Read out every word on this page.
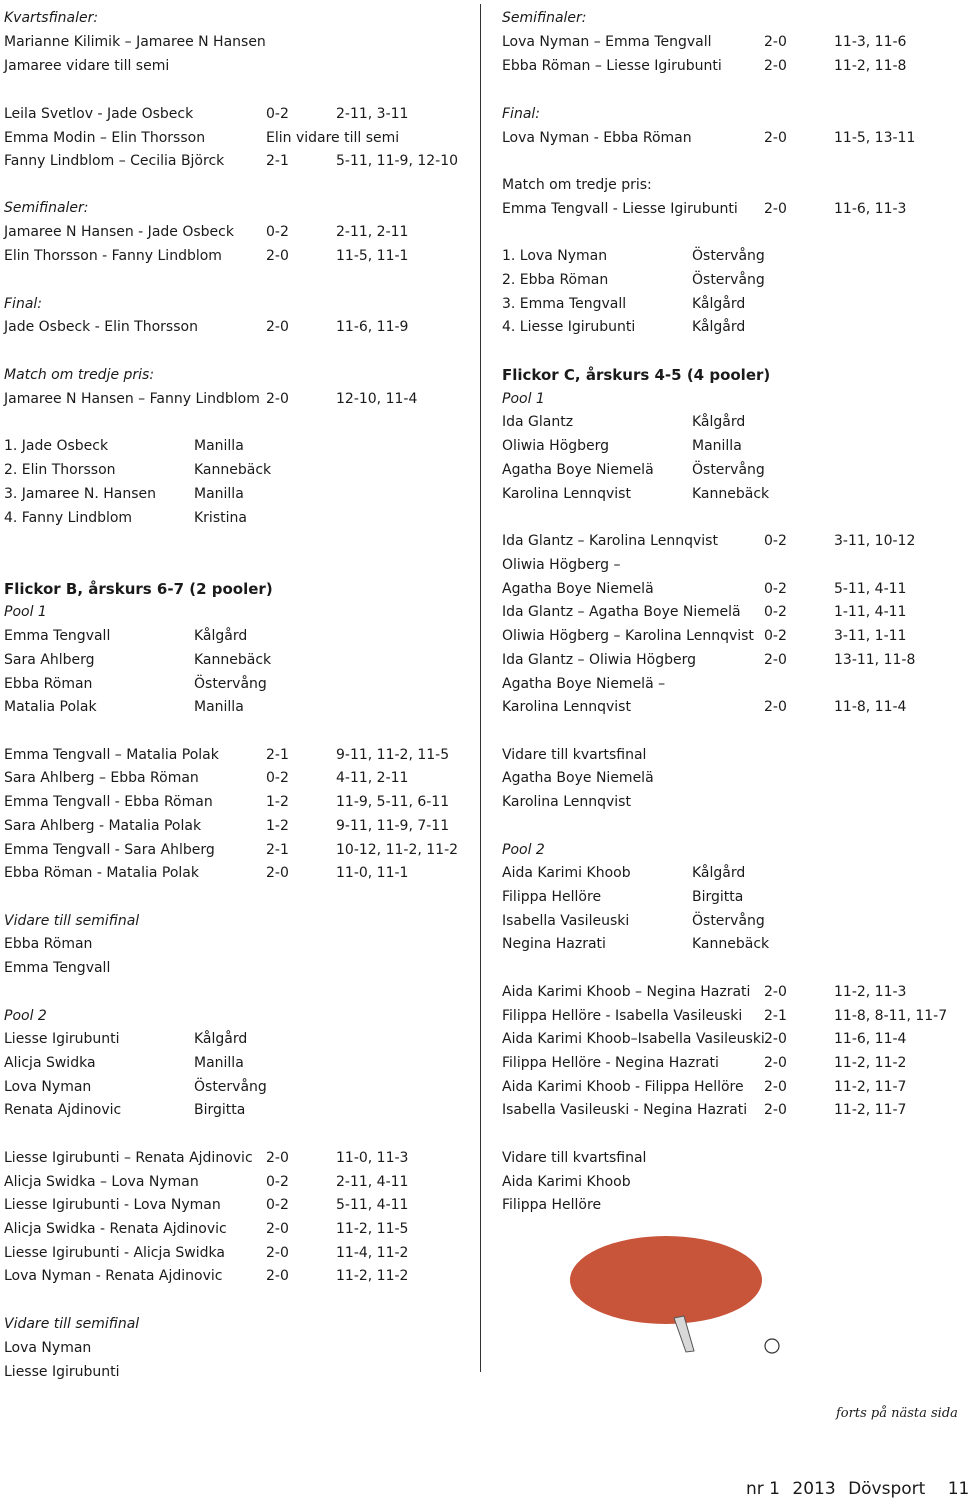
Kvartsfinaler:
Marianne Kilimik – Jamaree N Hansen
Jamaree vidare till semi
Leila Svetlov - Jade Osbeck	0-2	2-11, 3-11
Emma Modin – Elin Thorsson	Elin vidare till semi
Fanny Lindblom – Cecilia Björck	2-1	5-11, 11-9, 12-10
Semifinaler:
Jamaree N Hansen - Jade Osbeck 0-2	2-11, 2-11
Elin Thorsson - Fanny Lindblom	2-0	11-5, 11-1
Final:
Jade Osbeck - Elin Thorsson	2-0	11-6, 11-9
Match om tredje pris:
Jamaree N Hansen – Fanny Lindblom 2-0	12-10, 11-4
1. Jade Osbeck	Manilla
2. Elin Thorsson	Kannebäck
3. Jamaree N. Hansen	Manilla
4. Fanny Lindblom	Kristina
Flickor B, årskurs 6-7 (2 pooler)
Pool 1
Emma Tengvall	Kålgård
Sara Ahlberg	Kannebäck
Ebba Röman	Östervång
Matalia Polak	Manilla
Emma Tengvall – Matalia Polak	2-1	9-11, 11-2, 11-5
Sara Ahlberg – Ebba Röman	0-2	4-11, 2-11
Emma Tengvall - Ebba Röman	1-2	11-9, 5-11, 6-11
Sara Ahlberg - Matalia Polak	1-2	9-11, 11-9, 7-11
Emma Tengvall - Sara Ahlberg	2-1	10-12, 11-2, 11-2
Ebba Röman - Matalia Polak	2-0	11-0, 11-1
Vidare till semifinal
Ebba Röman
Emma Tengvall
Pool 2
Liesse Igirubunti	Kålgård
Alicja Swidka	Manilla
Lova Nyman	Östervång
Renata Ajdinovic	Birgitta
Liesse Igirubunti – Renata Ajdinovic 2-0	11-0, 11-3
Alicja Swidka – Lova Nyman	0-2	2-11, 4-11
Liesse Igirubunti - Lova Nyman	0-2	5-11, 4-11
Alicja Swidka - Renata Ajdinovic	2-0	11-2, 11-5
Liesse Igirubunti - Alicja Swidka	2-0	11-4, 11-2
Lova Nyman - Renata Ajdinovic	2-0	11-2, 11-2
Vidare till semifinal
Lova Nyman
Liesse Igirubunti
Semifinaler:
Lova Nyman – Emma Tengvall	2-0	11-3, 11-6
Ebba Röman – Liesse Igirubunti	2-0	11-2, 11-8
Final:
Lova Nyman - Ebba Röman	2-0	11-5, 13-11
Match om tredje pris:
Emma Tengvall - Liesse Igirubunti 2-0	11-6, 11-3
1. Lova Nyman	Östervång
2. Ebba Röman	Östervång
3. Emma Tengvall	Kålgård
4. Liesse Igirubunti	Kålgård
Flickor C, årskurs 4-5 (4 pooler)
Pool 1
Ida Glantz	Kålgård
Oliwia Högberg	Manilla
Agatha Boye Niemelä	Östervång
Karolina Lennqvist	Kannebäck
Ida Glantz – Karolina Lennqvist	0-2	3-11, 10-12
Oliwia Högberg –
Agatha Boye Niemelä	0-2	5-11, 4-11
Ida Glantz – Agatha Boye Niemelä 0-2	1-11, 4-11
Oliwia Högberg – Karolina Lennqvist 0-2	3-11, 1-11
Ida Glantz – Oliwia Högberg	2-0	13-11, 11-8
Agatha Boye Niemelä –
Karolina Lennqvist	2-0	11-8, 11-4
Vidare till kvartsfinal
Agatha Boye Niemelä
Karolina Lennqvist
Pool 2
Aida Karimi Khoob	Kålgård
Filippa Hellöre	Birgitta
Isabella Vasileuski	Östervång
Negina Hazrati	Kannebäck
Aida Karimi Khoob – Negina Hazrati 2-0	11-2, 11-3
Filippa Hellöre - Isabella Vasileuski 2-1	11-8, 8-11, 11-7
Aida Karimi Khoob–Isabella Vasileuski 2-0	11-6, 11-4
Filippa Hellöre - Negina Hazrati	2-0	11-2, 11-2
Aida Karimi Khoob - Filippa Hellöre 2-0	11-2, 11-7
Isabella Vasileuski - Negina Hazrati 2-0	11-2, 11-7
Vidare till kvartsfinal
Aida Karimi Khoob
Filippa Hellöre
forts på nästa sida
nr 1 2013 Dövsport 11
